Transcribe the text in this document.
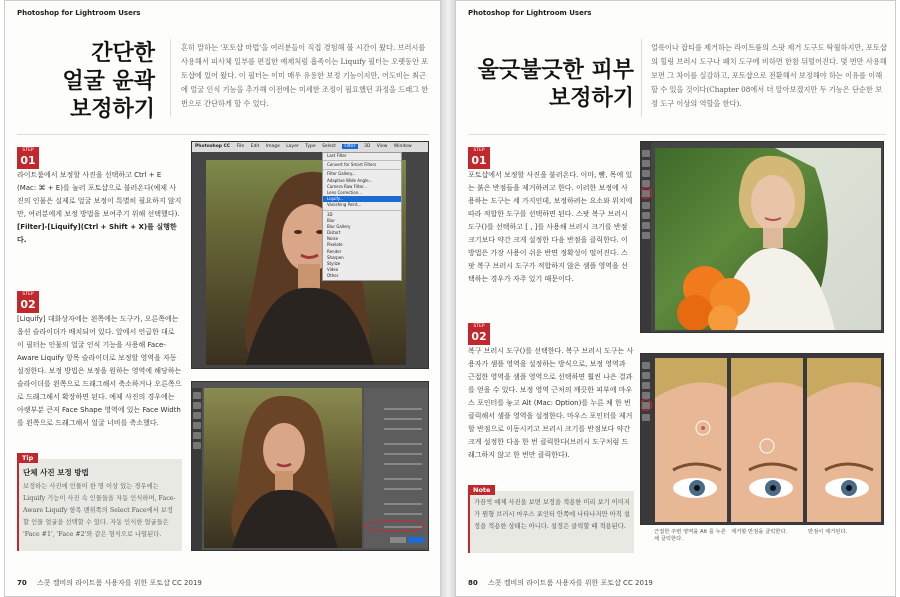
Photoshop for Lightroom Users
간단한
얼굴 윤곽
보정하기
흔히 말하는 '포토샵 마법'을 여러분들이 직접 경험해 볼 시간이 왔다. 브러시를 사용해서 피사체 일부를 편집한 예제처럼 흡족이는 Liquify 필터는 오랫동안 포토샵에 있어 왔다. 이 필터는 이미 매우 유용한 보정 기능이지만, 어도비는 최근에 얼굴 인식 기능을 추가해 이전에는 미세한 조정이 필요했던 과정을 드래그 한 번으로 간단하게 할 수 있다.
STEP
01
라이트룸에서 보정할 사진을 선택하고 Ctrl + E (Mac: ⌘ + E)를 눌러 포토샵으로 불러온다(예제 사진의 인물은 실제로 얼굴 보정이 특별히 필요하지 않지만, 여러분에게 보정 방법을 보여주기 위해 선택했다). [Filter]-[Liquify](Ctrl + Shift + X)를 실행한다.
STEP
02
[Liquify] 대화상자에는 왼쪽에는 도구가, 오른쪽에는 옵션 슬라이더가 배치되어 있다. 앞에서 언급한 대로 이 필터는 인물의 얼굴 인식 기능을 사용해 Face-Aware Liquify 항목 슬라이더로 보정할 영역을 자동 설정한다. 보정 방법은 보정을 원하는 영역에 해당하는 슬라이더를 왼쪽으로 드래그해서 축소하거나 오른쪽으로 드래그해서 확장하면 된다. 예제 사진의 경우에는 아랫부분 큰저 Face Shape 영역에 있는 Face Width를 왼쪽으로 드래그해서 얼굴 너비를 축소했다.
Tip
단체 사진 보정 방법
보정하는 사진에 인물이 한 명 이상 있는 경우에는 Liquify 기능이 사진 속 인물들을 자동 인식하며, Face-Aware Liquify 항목 맨위쪽의 Select Face에서 보정할 인물 얼굴을 선택할 수 있다. 자동 인식한 얼굴들은 'Face #1', 'Face #2'와 같은 형식으로 나열된다.
Photoshop CC File Edit Image Layer Type Select Filter 3D View Window
Last Filter
Convert for Smart Filters
Filter Gallery...
Adaptive Wide Angle...
Camera Raw Filter...
Lens Correction...
Liquify...
Vanishing Point...
3D
Blur
Blur Gallery
Distort
Noise
Pixelate
Render
Sharpen
Stylize
Video
Other
70 스콧 켈비의 라이트룸 사용자를 위한 포토샵 CC 2019
Photoshop for Lightroom Users
울긋불긋한 피부
보정하기
얼룩이나 잡티를 제거하는 라이트룸의 스팟 제거 도구도 탁월하지만, 포토샵의 힐링 브러시 도구나 패치 도구에 비하면 한참 뒤떨어진다. 몇 번만 사용해 보면 그 차이를 실감하고, 포토샵으로 전환해서 보정해야 하는 이유를 이해할 수 있을 것이다(Chapter 08에서 더 알아보겠지만 두 기능은 단순한 보정 도구 이상의 역할을 한다).
STEP
01
포토샵에서 보정할 사진을 불러온다. 이마, 뺨, 목에 있는 붉은 반점들을 제거하려고 한다. 이러한 보정에 사용하는 도구는 세 가지인데, 보정하려는 요소와 위치에 따라 적합한 도구를 선택하면 된다. 스팟 복구 브러시 도구()를 선택하고 [ , ]를 사용해 브러시 크기를 반점 크기보다 약간 크게 설정한 다음 반점을 클릭한다. 이 방법은 가장 사용이 쉬운 반면 정확성이 떨어진다. 스팟 복구 브러시 도구가 적합하지 않은 샘플 영역을 선택하는 경우가 자주 있기 때문이다.
STEP
02
복구 브러시 도구()를 선택한다. 복구 브러시 도구는 사용자가 샘플 영역을 설정하는 방식으로, 보정 영역과 근접한 영역을 샘플 영역으로 선택하면 훨씬 나은 결과를 얻을 수 있다. 보정 영역 근처의 깨끗한 피부에 마우스 포인터를 놓고 Alt (Mac: Option)를 누른 채 한 번 클릭해서 샘플 영역을 설정한다. 마우스 포인터를 제거할 반점으로 이동시키고 브러시 크기를 반점보다 약간 크게 설정한 다음 한 번 클릭한다(브러시 도구처럼 드래그하지 않고 한 번만 클릭한다).
Note
가끔씩 예제 사진을 보면 보정을 적용한 미리 보기 이미지가 원형 브러시 마우스 포인터 안쪽에 나타나지만 아직 설정을 적용한 상태는 아니다. 설정은 클릭할 때 적용된다.
근접한 주변 영역을 Alt 를 누른 채 클릭한다.
제거할 반점을 클릭한다.	반점이 제거된다.
80 스콧 켈비의 라이트룸 사용자를 위한 포토샵 CC 2019
